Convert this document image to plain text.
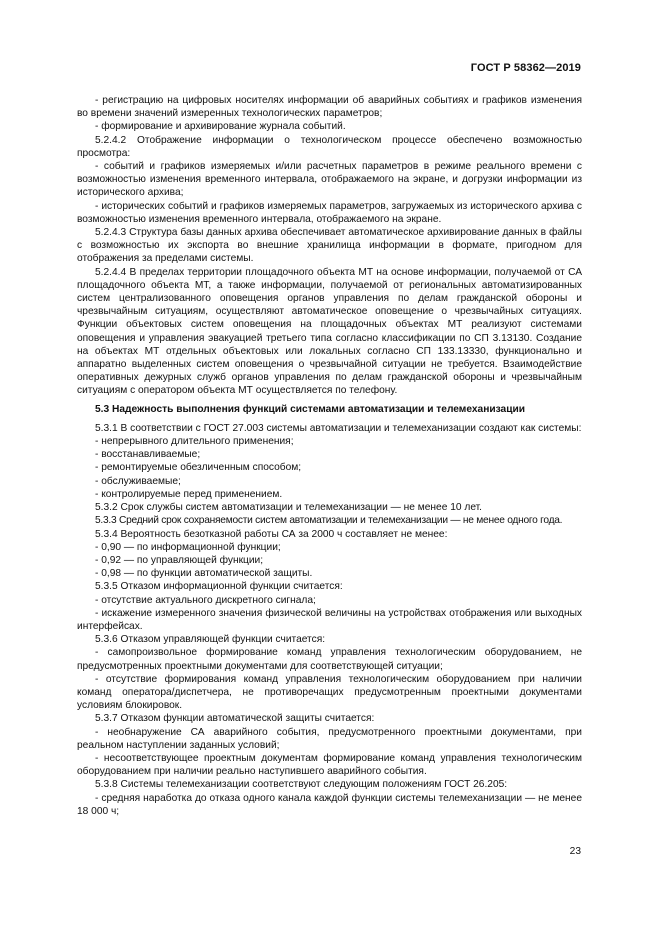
ГОСТ Р 58362—2019

- регистрацию на цифровых носителях информации об аварийных событиях и графиков изменения во времени значений измеренных технологических параметров;

- формирование и архивирование журнала событий.

5.2.4.2 Отображение информации о технологическом процессе обеспечено возможностью просмотра:

- событий и графиков измеряемых и/или расчетных параметров в режиме реального времени с возможностью изменения временного интервала, отображаемого на экране, и догрузки информации из исторического архива;

- исторических событий и графиков измеряемых параметров, загружаемых из исторического архива с возможностью изменения временного интервала, отображаемого на экране.

5.2.4.3 Структура базы данных архива обеспечивает автоматическое архивирование данных в файлы с возможностью их экспорта во внешние хранилища информации в формате, пригодном для отображения за пределами системы.

5.2.4.4 В пределах территории площадочного объекта МТ на основе информации, получаемой от СА площадочного объекта МТ, а также информации, получаемой от региональных автоматизированных систем централизованного оповещения органов управления по делам гражданской обороны и чрезвычайным ситуациям, осуществляют автоматическое оповещение о чрезвычайных ситуациях. Функции объектовых систем оповещения на площадочных объектах МТ реализуют системами оповещения и управления эвакуацией третьего типа согласно классификации по СП 3.13130. Создание на объектах МТ отдельных объектовых или локальных согласно СП 133.13330, функционально и аппаратно выделенных систем оповещения о чрезвычайной ситуации не требуется. Взаимодействие оперативных дежурных служб органов управления по делам гражданской обороны и чрезвычайным ситуациям с оператором объекта МТ осуществляется по телефону.

5.3 Надежность выполнения функций системами автоматизации и телемеханизации

5.3.1 В соответствии с ГОСТ 27.003 системы автоматизации и телемеханизации создают как системы:

- непрерывного длительного применения;

- восстанавливаемые;

- ремонтируемые обезличенным способом;

- обслуживаемые;

- контролируемые перед применением.

5.3.2 Срок службы систем автоматизации и телемеханизации — не менее 10 лет.

5.3.3 Средний срок сохраняемости систем автоматизации и телемеханизации — не менее одного года.

5.3.4 Вероятность безотказной работы СА за 2000 ч составляет не менее:

- 0,90 — по информационной функции;

- 0,92 — по управляющей функции;

- 0,98 — по функции автоматической защиты.

5.3.5 Отказом информационной функции считается:

- отсутствие актуального дискретного сигнала;

- искажение измеренного значения физической величины на устройствах отображения или выходных интерфейсах.

5.3.6 Отказом управляющей функции считается:

- самопроизвольное формирование команд управления технологическим оборудованием, не предусмотренных проектными документами для соответствующей ситуации;

- отсутствие формирования команд управления технологическим оборудованием при наличии команд оператора/диспетчера, не противоречащих предусмотренным проектными документами условиям блокировок.

5.3.7 Отказом функции автоматической защиты считается:

- необнаружение СА аварийного события, предусмотренного проектными документами, при реальном наступлении заданных условий;

- несоответствующее проектным документам формирование команд управления технологическим оборудованием при наличии реально наступившего аварийного события.

5.3.8 Системы телемеханизации соответствуют следующим положениям ГОСТ 26.205:

- средняя наработка до отказа одного канала каждой функции системы телемеханизации — не менее 18 000 ч;

23
